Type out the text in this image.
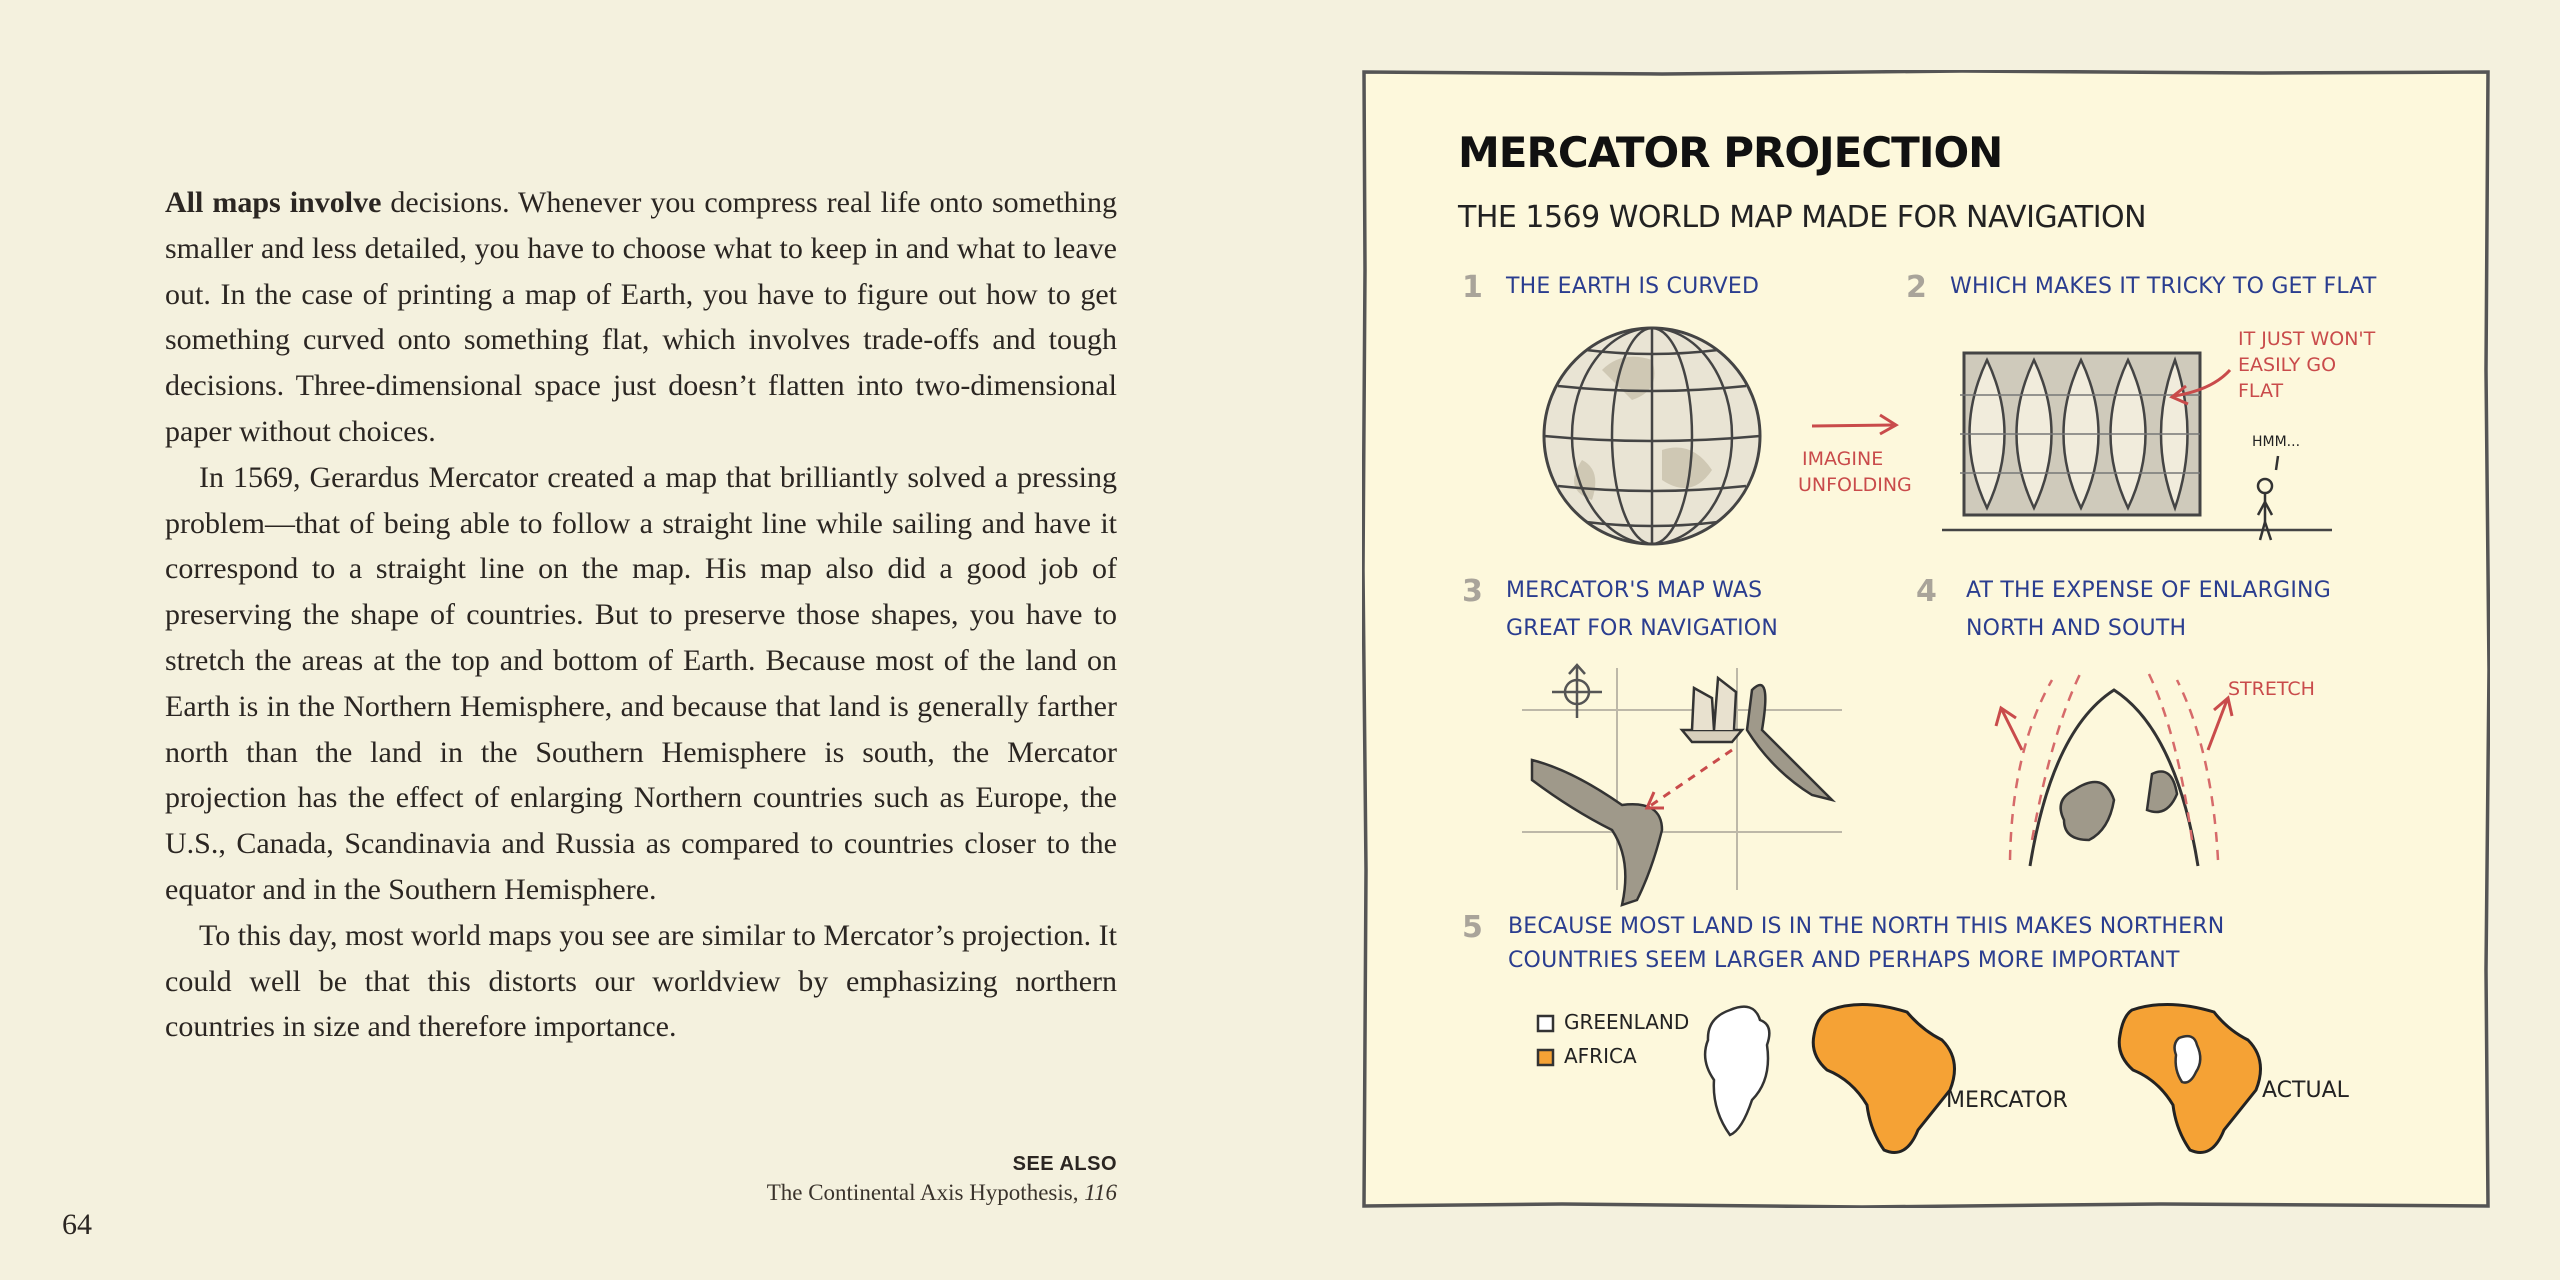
All maps involve decisions. Whenever you compress real life onto something smaller and less detailed, you have to choose what to keep in and what to leave out. In the case of printing a map of Earth, you have to figure out how to get something curved onto something flat, which involves trade-offs and tough decisions. Three-dimensional space just doesn’t flatten into two-dimensional paper without choices.

In 1569, Gerardus Mercator created a map that brilliantly solved a pressing problem—that of being able to follow a straight line while sailing and have it correspond to a straight line on the map. His map also did a good job of preserving the shape of countries. But to preserve those shapes, you have to stretch the areas at the top and bottom of Earth. Because most of the land on Earth is in the Northern Hemisphere, and because that land is generally farther north than the land in the Southern Hemisphere is south, the Mercator projection has the effect of enlarging Northern countries such as Europe, the U.S., Canada, Scandinavia and Russia as compared to countries closer to the equator and in the Southern Hemisphere.

To this day, most world maps you see are similar to Mercator’s projection. It could well be that this distorts our worldview by emphasizing northern countries in size and therefore importance.

SEE ALSO
The Continental Axis Hypothesis, 116
64
MERCATOR PROJECTION
THE 1569 WORLD MAP MADE FOR NAVIGATION
1 THE EARTH IS CURVED	2 WHICH MAKES IT TRICKY TO GET FLAT
IMAGINE
UNFOLDING
IT JUST WON'T
EASILY GO
FLAT
HMM...
3 MERCATOR'S MAP WAS
GREAT FOR NAVIGATION
4 AT THE EXPENSE OF ENLARGING
NORTH AND SOUTH
STRETCH
5 BECAUSE MOST LAND IS IN THE NORTH THIS MAKES NORTHERN
COUNTRIES SEEM LARGER AND PERHAPS MORE IMPORTANT
GREENLAND
AFRICA
MERCATOR	ACTUAL
